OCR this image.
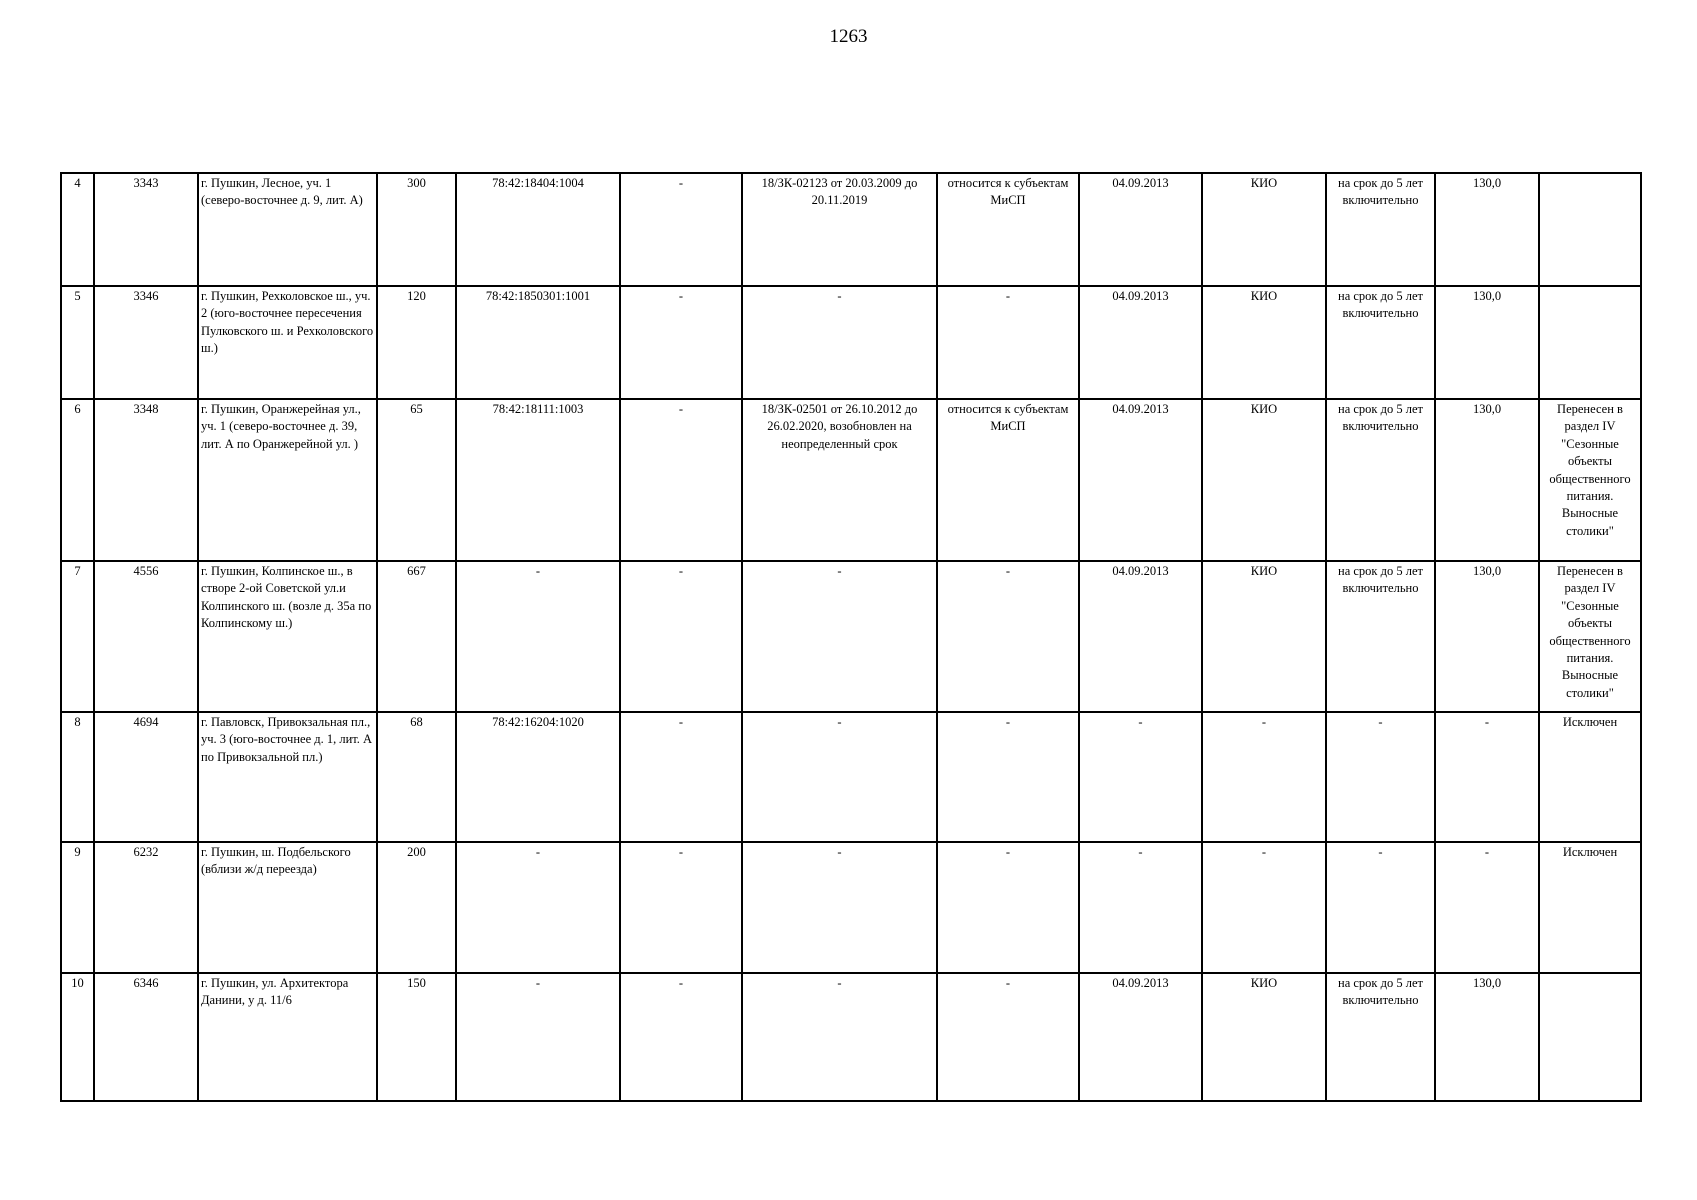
1263
4	3343	г. Пушкин, Лесное, уч. 1 (северо-восточнее д. 9, лит. А)	300	78:42:18404:1004	-	18/ЗК-02123 от 20.03.2009 до 20.11.2019	относится к субъектам МиСП	04.09.2013	КИО	на срок до 5 лет включительно	130,0	
5	3346	г. Пушкин, Рехколовское ш., уч. 2 (юго-восточнее пересечения Пулковского ш. и Рехколовского ш.)	120	78:42:1850301:1001	-	-	-	04.09.2013	КИО	на срок до 5 лет включительно	130,0	
6	3348	г. Пушкин, Оранжерейная ул., уч. 1 (северо-восточнее д. 39, лит. А по Оранжерейной ул. )	65	78:42:18111:1003	-	18/ЗК-02501 от 26.10.2012 до 26.02.2020, возобновлен на неопределенный срок	относится к субъектам МиСП	04.09.2013	КИО	на срок до 5 лет включительно	130,0	Перенесен в раздел IV "Сезонные объекты общественного питания. Выносные столики"
7	4556	г. Пушкин, Колпинское ш., в створе 2-ой Советской ул.и Колпинского ш. (возле д. 35а по Колпинскому ш.)	667	-	-	-	-	04.09.2013	КИО	на срок до 5 лет включительно	130,0	Перенесен в раздел IV "Сезонные объекты общественного питания. Выносные столики"
8	4694	г. Павловск, Привокзальная пл., уч. 3 (юго-восточнее д. 1, лит. А по Привокзальной пл.)	68	78:42:16204:1020	-	-	-	-	-	-	-	Исключен
9	6232	г. Пушкин, ш. Подбельского (вблизи ж/д переезда)	200	-	-	-	-	-	-	-	-	Исключен
10	6346	г. Пушкин, ул. Архитектора Данини, у д. 11/6	150	-	-	-	-	04.09.2013	КИО	на срок до 5 лет включительно	130,0	
